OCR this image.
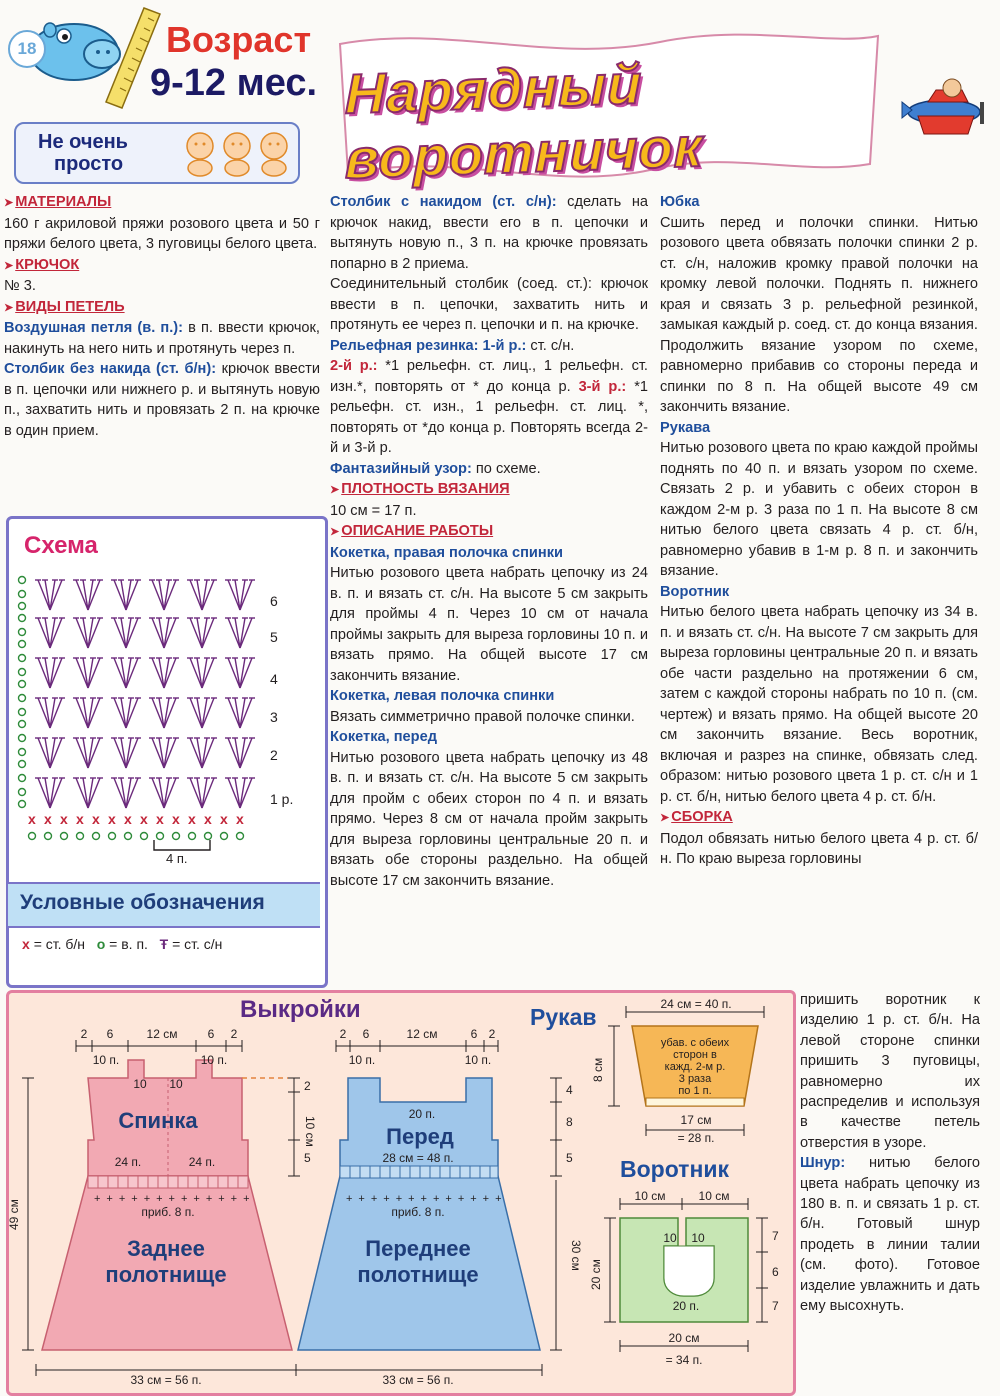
18	Возраст
9-12 мес.
Не очень
просто
Нарядный воротничок
➤ МАТЕРИАЛЫ

160 г акриловой пряжи розового цвета и 50 г пряжи белого цвета, 3 пуговицы белого цвета.

➤ КРЮЧОК

№ 3.

➤ ВИДЫ ПЕТЕЛЬ

Воздушная петля (в. п.): в п. ввести крючок, накинуть на него нить и протянуть через п.

Столбик без накида (ст. б/н): крючок ввести в п. цепочки или нижнего р. и вытянуть новую п., захватить нить и провязать 2 п. на крючке в один прием.

Столбик с накидом (ст. с/н): сделать на крючок накид, ввести его в п. цепочки и вытянуть новую п., 3 п. на крючке провязать попарно в 2 приема.

Соединительный столбик (соед. ст.): крючок ввести в п. цепочки, захватить нить и протянуть ее через п. цепочки и п. на крючке.

Рельефная резинка: 1-й р.: ст. с/н.
2-й р.: *1 рельефн. ст. лиц., 1 рельефн. ст. изн.*, повторять от * до конца р. 3-й р.: *1 рельефн. ст. изн., 1 рельефн. ст. лиц. *, повторять от *до конца р. Повторять всегда 2-й и 3-й р.

Фантазийный узор: по схеме.

➤ ПЛОТНОСТЬ ВЯЗАНИЯ

10 см = 17 п.

➤ ОПИСАНИЕ РАБОТЫ
Кокетка, правая полочка спинки

Нитью розового цвета набрать цепочку из 24 в. п. и вязать ст. с/н. На высоте 5 см закрыть для проймы 4 п. Через 10 см от начала проймы закрыть для выреза горловины 10 п. и вязать прямо. На общей высоте 17 см закончить вязание.

Кокетка, левая полочка спинки

Вязать симметрично правой полочке спинки.

Кокетка, перед

Нитью розового цвета набрать цепочку из 48 в. п. и вязать ст. с/н. На высоте 5 см закрыть для пройм с обеих сторон по 4 п. и вязать прямо. Через 8 см от начала пройм закрыть для выреза горловины центральные 20 п. и вязать обе стороны раздельно. На общей высоте 17 см закончить вязание.

Юбка

Сшить перед и полочки спинки. Нитью розового цвета обвязать полочки спинки 2 р. ст. с/н, наложив кромку правой полочки на кромку левой полочки. Поднять п. нижнего края и связать 3 р. рельефной резинкой, замыкая каждый р. соед. ст. до конца вязания. Продолжить вязание узором по схеме, равномерно прибавив со стороны переда и спинки по 8 п. На общей высоте 49 см закончить вязание.

Рукава

Нитью розового цвета по краю каждой проймы поднять по 40 п. и вязать узором по схеме. Связать 2 р. и убавить с обеих сторон в каждом 2-м р. 3 раза по 1 п. На высоте 8 см нитью белого цвета связать 4 р. ст. б/н, равномерно убавив в 1-м р. 8 п. и закончить вязание.

Воротник

Нитью белого цвета набрать цепочку из 34 в. п. и вязать ст. с/н. На высоте 7 см закрыть для выреза горловины центральные 20 п. и вязать обе части раздельно на протяжении 6 см, затем с каждой стороны набрать по 10 п. (см. чертеж) и вязать прямо. На общей высоте 20 см закончить вязание. Весь воротник, включая и разрез на спинке, обвязать след. образом: нитью розового цвета 1 р. ст. с/н и 1 р. ст. б/н, нитью белого цвета 4 р. ст. б/н.

➤ СБОРКА

Подол обвязать нитью белого цвета 4 р. ст. б/н. По краю выреза горловины

пришить воротник к изделию 1 р. ст. б/н. На левой стороне спинки пришить 3 пуговицы, равномерно их распределив и используя в качестве петель отверстия в узоре.

Шнур: нитью белого цвета набрать цепочку из 180 в. п. и связать 1 р. ст. б/н. Готовый шнур продеть в линии талии (см. фото). Готовое изделие увлажнить и дать ему высохнуть.

Схема
x x x x x x x x x x x x x x
6
5
4
3
2
1 р.
4 п.
Условные обозначения
x = ст. б/н o = в. п. Ŧ = ст. с/н
Выкройки
+++++++++++++
10 10
Спинка
24 п.	24 п.
приб. 8 п.
Заднее
полотнище
2 6	12 см	6 2
10 п.	10 п.
2
10 см
5
49 см
33 см = 56 п.
+++++++++++++
20 п.
Перед
28 см = 48 п.
приб. 8 п.
Переднее
полотнище
2 6	12 см	6 2
10 п.	10 п.
4
8
5
30 см
33 см = 56 п.
24 см = 40 п.
убав. с обеих
сторон в
кажд. 2-м р.
3 раза
по 1 п.
8 см
17 см
= 28 п.
10 см	10 см
10 10
20 п.
20 см
7
6
7
20 см
= 34 п.
Рукав
Воротник
